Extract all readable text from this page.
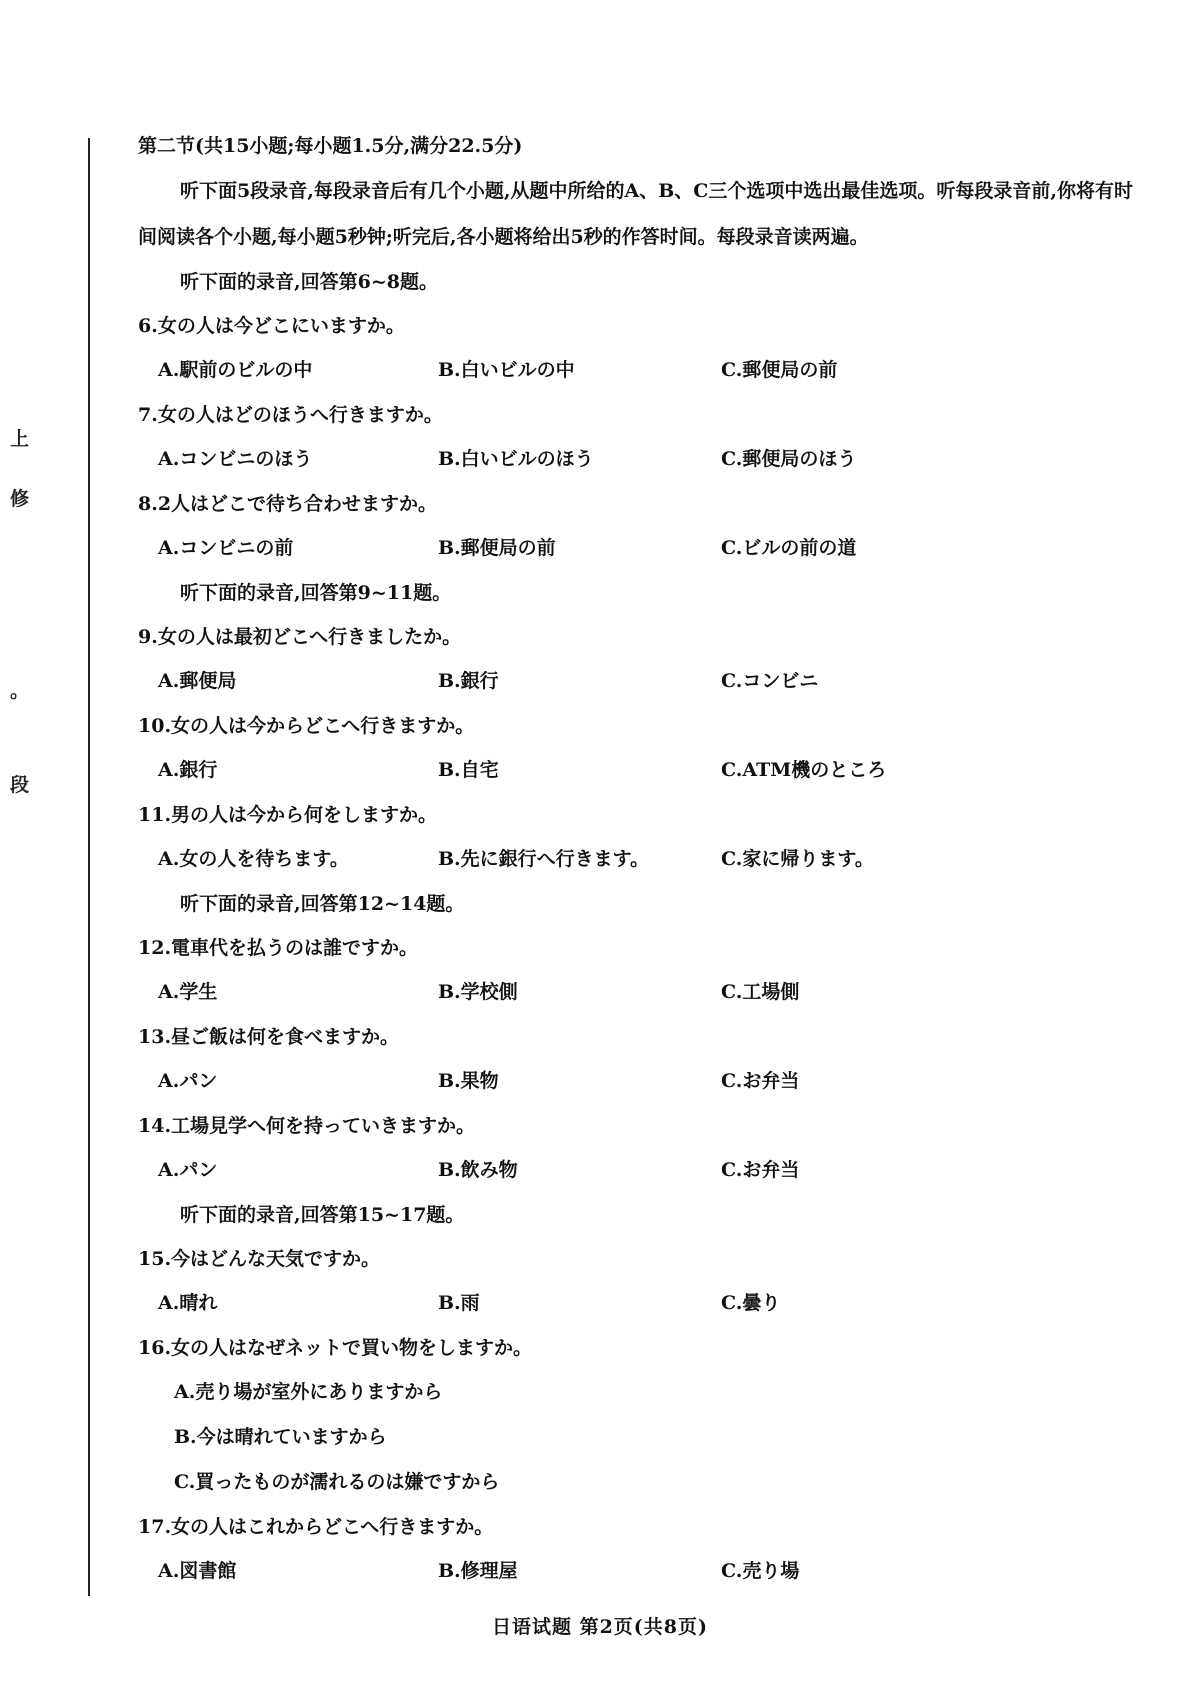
上
修
。
段
第二节(共15小题;每小题1.5分,满分22.5分)

听下面5段录音,每段录音后有几个小题,从题中所给的A、B、C三个选项中选出最佳选项。听每段录音前,你将有时间阅读各个小题,每小题5秒钟;听完后,各小题将给出5秒的作答时间。每段录音读两遍。

听下面的录音,回答第6~8题。
6.女の人は今どこにいますか。
A.駅前のビルの中	B.白いビルの中	C.郵便局の前
7.女の人はどのほうへ行きますか。
A.コンビニのほう	B.白いビルのほう	C.郵便局のほう
8.2人はどこで待ち合わせますか。
A.コンビニの前	B.郵便局の前	C.ビルの前の道
听下面的录音,回答第9~11题。
9.女の人は最初どこへ行きましたか。
A.郵便局	B.銀行	C.コンビニ
10.女の人は今からどこへ行きますか。
A.銀行	B.自宅	C.ATM機のところ
11.男の人は今から何をしますか。
A.女の人を待ちます。	B.先に銀行へ行きます。	C.家に帰ります。
听下面的录音,回答第12~14题。
12.電車代を払うのは誰ですか。
A.学生	B.学校側	C.工場側
13.昼ご飯は何を食べますか。
A.パン	B.果物	C.お弁当
14.工場見学へ何を持っていきますか。
A.パン	B.飲み物	C.お弁当
听下面的录音,回答第15~17题。
15.今はどんな天気ですか。
A.晴れ	B.雨	C.曇り
16.女の人はなぜネットで買い物をしますか。
A.売り場が室外にありますから
B.今は晴れていますから
C.買ったものが濡れるのは嫌ですから
17.女の人はこれからどこへ行きますか。
A.図書館	B.修理屋	C.売り場
日语试题 第2页(共8页)
